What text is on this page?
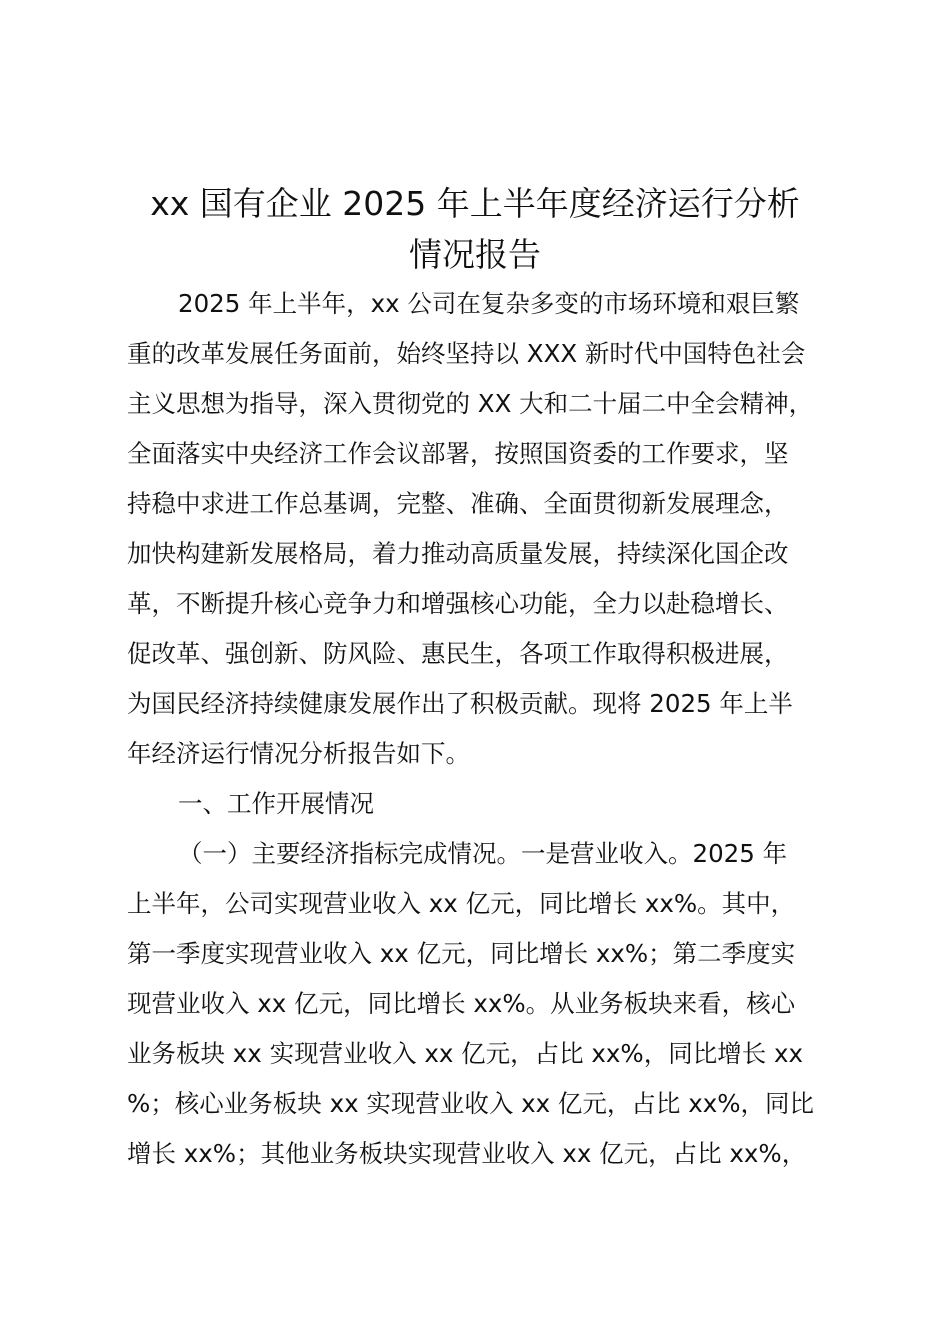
xx 国有企业 2025 年上半年度经济运行分析
情况报告
2025 年上半年，xx 公司在复杂多变的市场环境和艰巨繁
重的改革发展任务面前，始终坚持以 XXX 新时代中国特色社会
主义思想为指导，深入贯彻党的 XX 大和二十届二中全会精神，
全面落实中央经济工作会议部署，按照国资委的工作要求，坚
持稳中求进工作总基调，完整、准确、全面贯彻新发展理念，
加快构建新发展格局，着力推动高质量发展，持续深化国企改
革，不断提升核心竞争力和增强核心功能，全力以赴稳增长、
促改革、强创新、防风险、惠民生，各项工作取得积极进展，
为国民经济持续健康发展作出了积极贡献。现将 2025 年上半
年经济运行情况分析报告如下。
一、工作开展情况
（一）主要经济指标完成情况。一是营业收入。2025 年
上半年，公司实现营业收入 xx 亿元，同比增长 xx%。其中，
第一季度实现营业收入 xx 亿元，同比增长 xx%；第二季度实
现营业收入 xx 亿元，同比增长 xx%。从业务板块来看，核心
业务板块 xx 实现营业收入 xx 亿元，占比 xx%，同比增长 xx
%；核心业务板块 xx 实现营业收入 xx 亿元，占比 xx%，同比
增长 xx%；其他业务板块实现营业收入 xx 亿元，占比 xx%，
